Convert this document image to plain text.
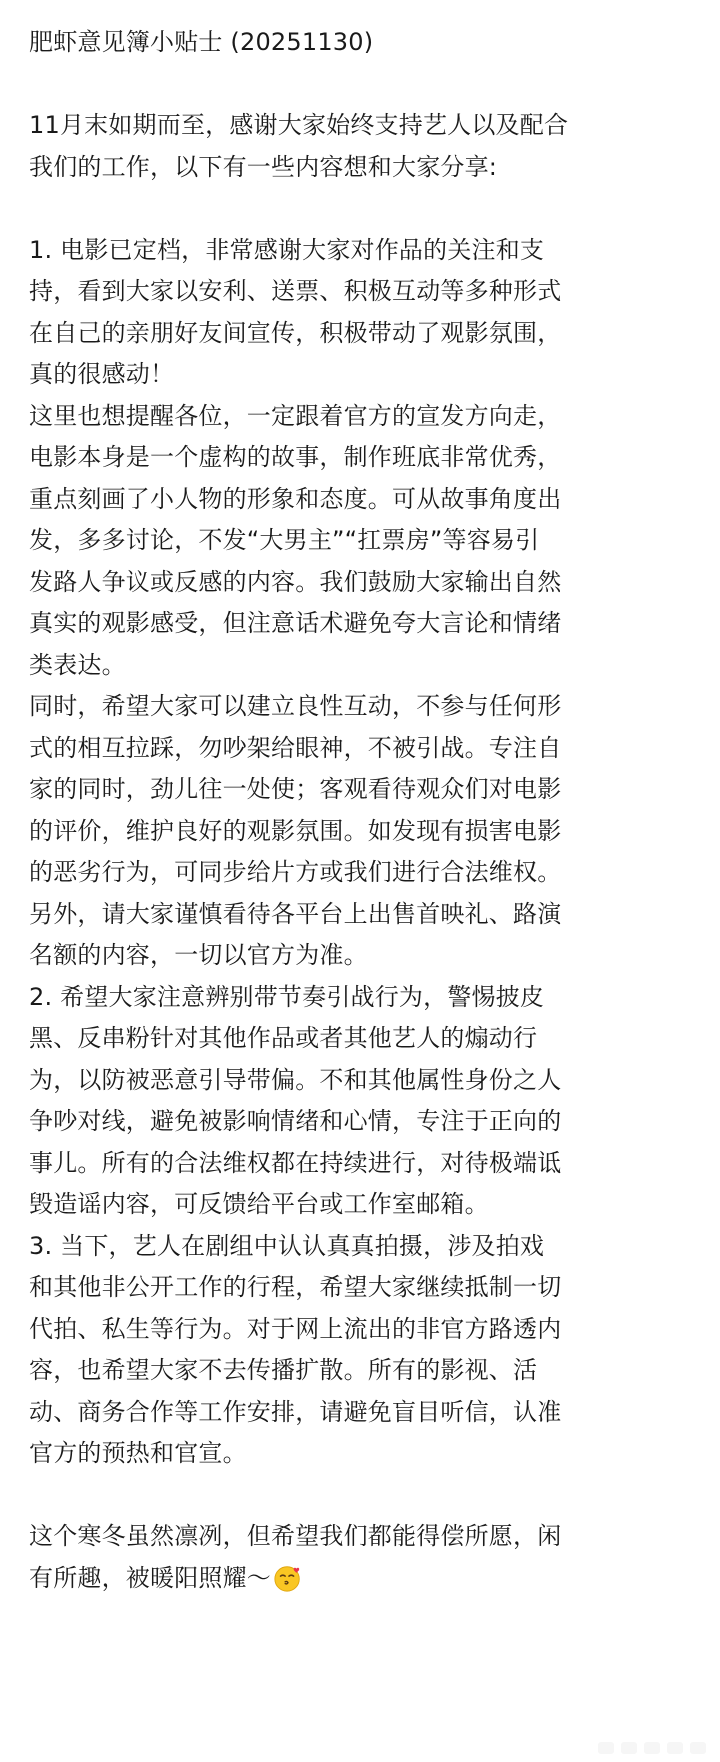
肥虾意见簿小贴士 (20251130)
11月末如期而至，感谢大家始终支持艺人以及配合
我们的工作，以下有一些内容想和大家分享:
1. 电影已定档，非常感谢大家对作品的关注和支
持，看到大家以安利、送票、积极互动等多种形式
在自己的亲朋好友间宣传，积极带动了观影氛围，
真的很感动！
这里也想提醒各位，一定跟着官方的宣发方向走，
电影本身是一个虚构的故事，制作班底非常优秀，
重点刻画了小人物的形象和态度。可从故事角度出
发，多多讨论，不发“大男主”“扛票房”等容易引
发路人争议或反感的内容。我们鼓励大家输出自然
真实的观影感受，但注意话术避免夸大言论和情绪
类表达。
同时，希望大家可以建立良性互动，不参与任何形
式的相互拉踩，勿吵架给眼神，不被引战。专注自
家的同时，劲儿往一处使；客观看待观众们对电影
的评价，维护良好的观影氛围。如发现有损害电影
的恶劣行为，可同步给片方或我们进行合法维权。
另外，请大家谨慎看待各平台上出售首映礼、路演
名额的内容，一切以官方为准。
2. 希望大家注意辨别带节奏引战行为，警惕披皮
黑、反串粉针对其他作品或者其他艺人的煽动行
为，以防被恶意引导带偏。不和其他属性身份之人
争吵对线，避免被影响情绪和心情，专注于正向的
事儿。所有的合法维权都在持续进行，对待极端诋
毁造谣内容，可反馈给平台或工作室邮箱。
3. 当下，艺人在剧组中认认真真拍摄，涉及拍戏
和其他非公开工作的行程，希望大家继续抵制一切
代拍、私生等行为。对于网上流出的非官方路透内
容，也希望大家不去传播扩散。所有的影视、活
动、商务合作等工作安排，请避免盲目听信，认准
官方的预热和官宣。
这个寒冬虽然凛冽，但希望我们都能得偿所愿，闲
有所趣，被暖阳照耀～
